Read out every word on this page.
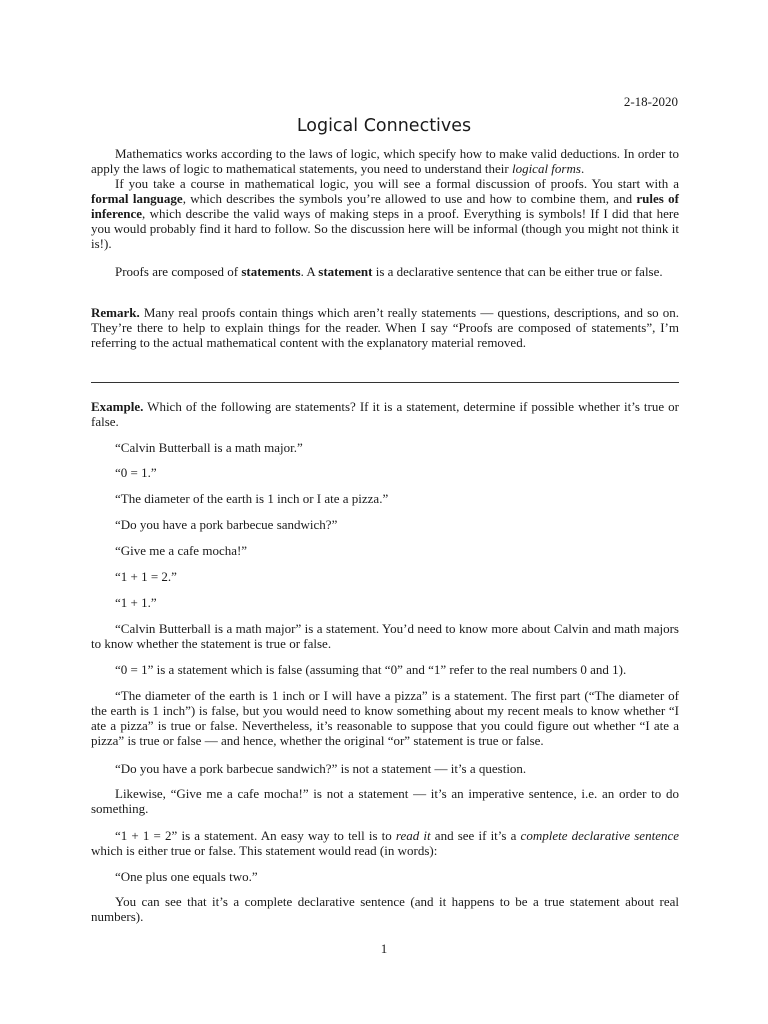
2-18-2020
Logical Connectives

Mathematics works according to the laws of logic, which specify how to make valid deductions. In order to apply the laws of logic to mathematical statements, you need to understand their logical forms.

If you take a course in mathematical logic, you will see a formal discussion of proofs. You start with a formal language, which describes the symbols you’re allowed to use and how to combine them, and rules of inference, which describe the valid ways of making steps in a proof. Everything is symbols! If I did that here you would probably find it hard to follow. So the discussion here will be informal (though you might not think it is!).

Proofs are composed of statements. A statement is a declarative sentence that can be either true or false.

Remark. Many real proofs contain things which aren’t really statements — questions, descriptions, and so on. They’re there to help to explain things for the reader. When I say “Proofs are composed of statements”, I’m referring to the actual mathematical content with the explanatory material removed.

Example. Which of the following are statements? If it is a statement, determine if possible whether it’s true or false.

“Calvin Butterball is a math major.”
“0 = 1.”
“The diameter of the earth is 1 inch or I ate a pizza.”
“Do you have a pork barbecue sandwich?”
“Give me a cafe mocha!”
“1 + 1 = 2.”
“1 + 1.”
“Calvin Butterball is a math major” is a statement. You’d need to know more about Calvin and math majors to know whether the statement is true or false.
“0 = 1” is a statement which is false (assuming that “0” and “1” refer to the real numbers 0 and 1).
“The diameter of the earth is 1 inch or I will have a pizza” is a statement. The first part (“The diameter of the earth is 1 inch”) is false, but you would need to know something about my recent meals to know whether “I ate a pizza” is true or false. Nevertheless, it’s reasonable to suppose that you could figure out whether “I ate a pizza” is true or false — and hence, whether the original “or” statement is true or false.
“Do you have a pork barbecue sandwich?” is not a statement — it’s a question.
Likewise, “Give me a cafe mocha!” is not a statement — it’s an imperative sentence, i.e. an order to do something.

“1 + 1 = 2” is a statement. An easy way to tell is to read it and see if it’s a complete declarative sentence which is either true or false. This statement would read (in words):

“One plus one equals two.”
You can see that it’s a complete declarative sentence (and it happens to be a true statement about real numbers).
1
